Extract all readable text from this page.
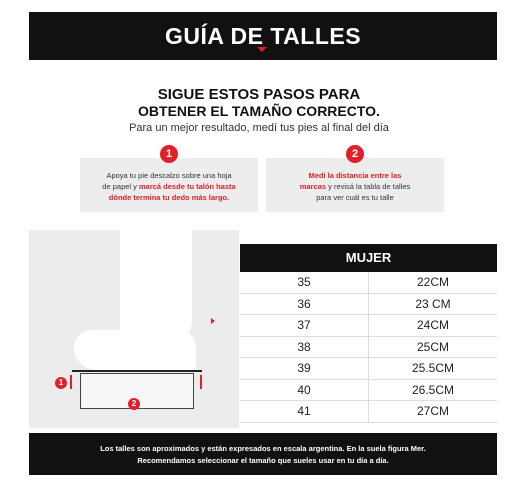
GUÍA DE TALLES
SIGUE ESTOS PASOS PARA
OBTENER EL TAMAÑO CORRECTO.
Para un mejor resultado, medí tus pies al final del día
1	2
Apoya tu pie descalzo sobre una hoja
de papel y marcá desde tu talón hasta
dónde termina tu dedo más largo.
Medí la distancia entre las
marcas y revisá la tabla de talles
para ver cuál es tu talle
1
2
MUJER
35	22CM
36	23 CM
37	24CM
38	25CM
39	25.5CM
40	26.5CM
41	27CM
Los talles son aproximados y están expresados en escala argentina. En la suela figura Mer.
Recomendamos seleccionar el tamaño que sueles usar en tu día a día.
